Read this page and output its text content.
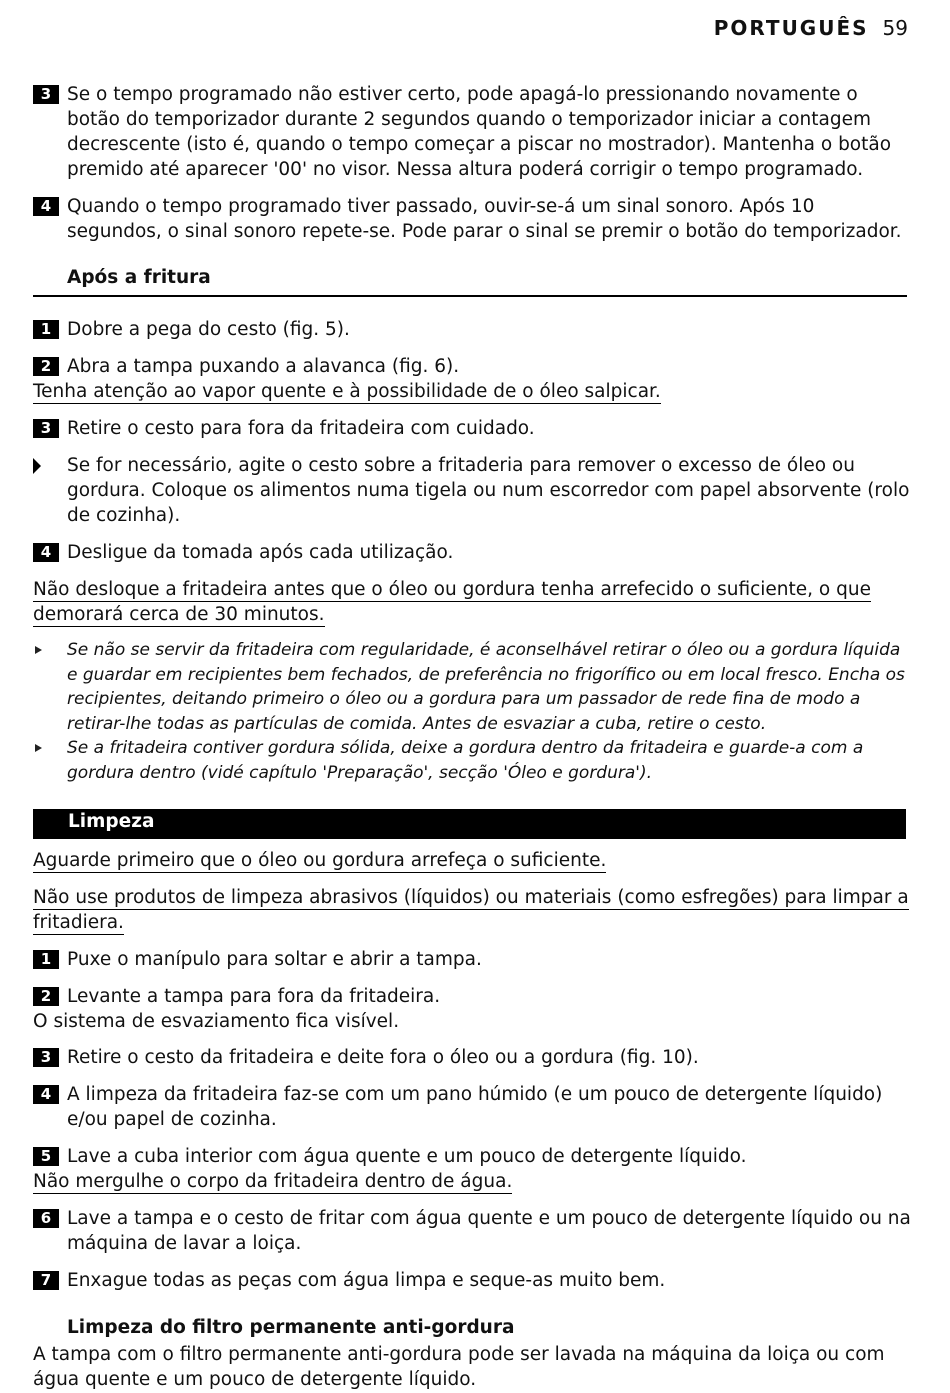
PORTUGUÊS 59
3 Se o tempo programado não estiver certo, pode apagá-lo pressionando novamente o botão do temporizador durante 2 segundos quando o temporizador iniciar a contagem decrescente (isto é, quando o tempo começar a piscar no mostrador). Mantenha o botão premido até aparecer '00' no visor. Nessa altura poderá corrigir o tempo programado.
4 Quando o tempo programado tiver passado, ouvir-se-á um sinal sonoro. Após 10 segundos, o sinal sonoro repete-se. Pode parar o sinal se premir o botão do temporizador.
Após a fritura
1 Dobre a pega do cesto (fig. 5).
2 Abra a tampa puxando a alavanca (fig. 6).
Tenha atenção ao vapor quente e à possibilidade de o óleo salpicar.
3 Retire o cesto para fora da fritadeira com cuidado.
Se for necessário, agite o cesto sobre a fritaderia para remover o excesso de óleo ou gordura. Coloque os alimentos numa tigela ou num escorredor com papel absorvente (rolo de cozinha).
4 Desligue da tomada após cada utilização.
Não desloque a fritadeira antes que o óleo ou gordura tenha arrefecido o suficiente, o que
demorará cerca de 30 minutos.
Se não se servir da fritadeira com regularidade, é aconselhável retirar o óleo ou a gordura líquida e guardar em recipientes bem fechados, de preferência no frigorífico ou em local fresco. Encha os recipientes, deitando primeiro o óleo ou a gordura para um passador de rede fina de modo a retirar-lhe todas as partículas de comida. Antes de esvaziar a cuba, retire o cesto.
Se a fritadeira contiver gordura sólida, deixe a gordura dentro da fritadeira e guarde-a com a gordura dentro (vidé capítulo 'Preparação', secção 'Óleo e gordura').
Limpeza
Aguarde primeiro que o óleo ou gordura arrefeça o suficiente.
Não use produtos de limpeza abrasivos (líquidos) ou materiais (como esfregões) para limpar a
fritadiera.
1 Puxe o manípulo para soltar e abrir a tampa.
2 Levante a tampa para fora da fritadeira.
O sistema de esvaziamento fica visível.
3 Retire o cesto da fritadeira e deite fora o óleo ou a gordura (fig. 10).
4 A limpeza da fritadeira faz-se com um pano húmido (e um pouco de detergente líquido) e/ou papel de cozinha.
5 Lave a cuba interior com água quente e um pouco de detergente líquido.
Não mergulhe o corpo da fritadeira dentro de água.
6 Lave a tampa e o cesto de fritar com água quente e um pouco de detergente líquido ou na máquina de lavar a loiça.
7 Enxague todas as peças com água limpa e seque-as muito bem.
Limpeza do filtro permanente anti-gordura
A tampa com o filtro permanente anti-gordura pode ser lavada na máquina da loiça ou com água quente e um pouco de detergente líquido.
